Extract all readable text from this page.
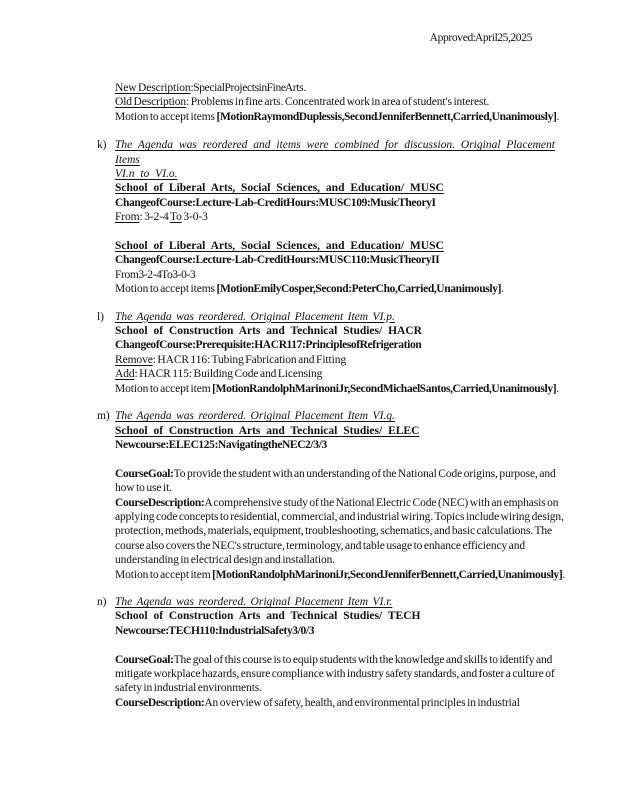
Approved: April 25, 2025

New Description: Special Projects in Fine Arts.

Old Description: Problems in fine arts. Concentrated work in area of student's interest.

Motion to accept items [Motion Raymond Duplessis, Second Jennifer Bennett, Carried, Unanimously].

k) The Agenda was reordered and items were combined for discussion. Original Placement Items

VI.n to VI.o.

School of Liberal Arts, Social Sciences, and Education/ MUSC

Change of Course: Lecture-Lab-Credit Hours: MUSC 109 : Music Theory I

From: 3-2-4 To 3-0-3

School of Liberal Arts, Social Sciences, and Education/ MUSC

Change of Course: Lecture-Lab-Credit Hours: MUSC 110: Music Theory II

From 3-2-4 To 3-0-3

Motion to accept items [Motion Emily Cosper, Second: Peter Cho, Carried, Unanimously].

l) The Agenda was reordered. Original Placement Item VI.p.

School of Construction Arts and Technical Studies/ HACR

Change of Course: Prerequisite: HACR 117: Principles of Refrigeration

Remove: HACR 116: Tubing Fabrication and Fitting

Add: HACR 115: Building Code and Licensing

Motion to accept item [Motion Randolph Marinoni Jr, Second Michael Santos, Carried, Unanimously].

m) The Agenda was reordered. Original Placement Item VI.q.

School of Construction Arts and Technical Studies/ ELEC

New course: ELEC 125: Navigating the NEC 2/3/3

Course Goal:To provide the student with an understanding of the National Code origins, purpose, and how to use it.

Course Description:A comprehensive study of the National Electric Code (NEC) with an emphasis on applying code concepts to residential, commercial, and industrial wiring. Topics include wiring design, protection, methods, materials, equipment, troubleshooting, schematics, and basic calculations. The course also covers the NEC's structure, terminology, and table usage to enhance efficiency and understanding in electrical design and installation.

Motion to accept item [Motion Randolph Marinoni Jr, Second Jennifer Bennett, Carried, Unanimously].

n) The Agenda was reordered. Original Placement Item VI.r.

School of Construction Arts and Technical Studies/ TECH

New course: TECH 110: Industrial Safety 3/0/3

Course Goal:The goal of this course is to equip students with the knowledge and skills to identify and mitigate workplace hazards, ensure compliance with industry safety standards, and foster a culture of safety in industrial environments.

Course Description:An overview of safety, health, and environmental principles in industrial
